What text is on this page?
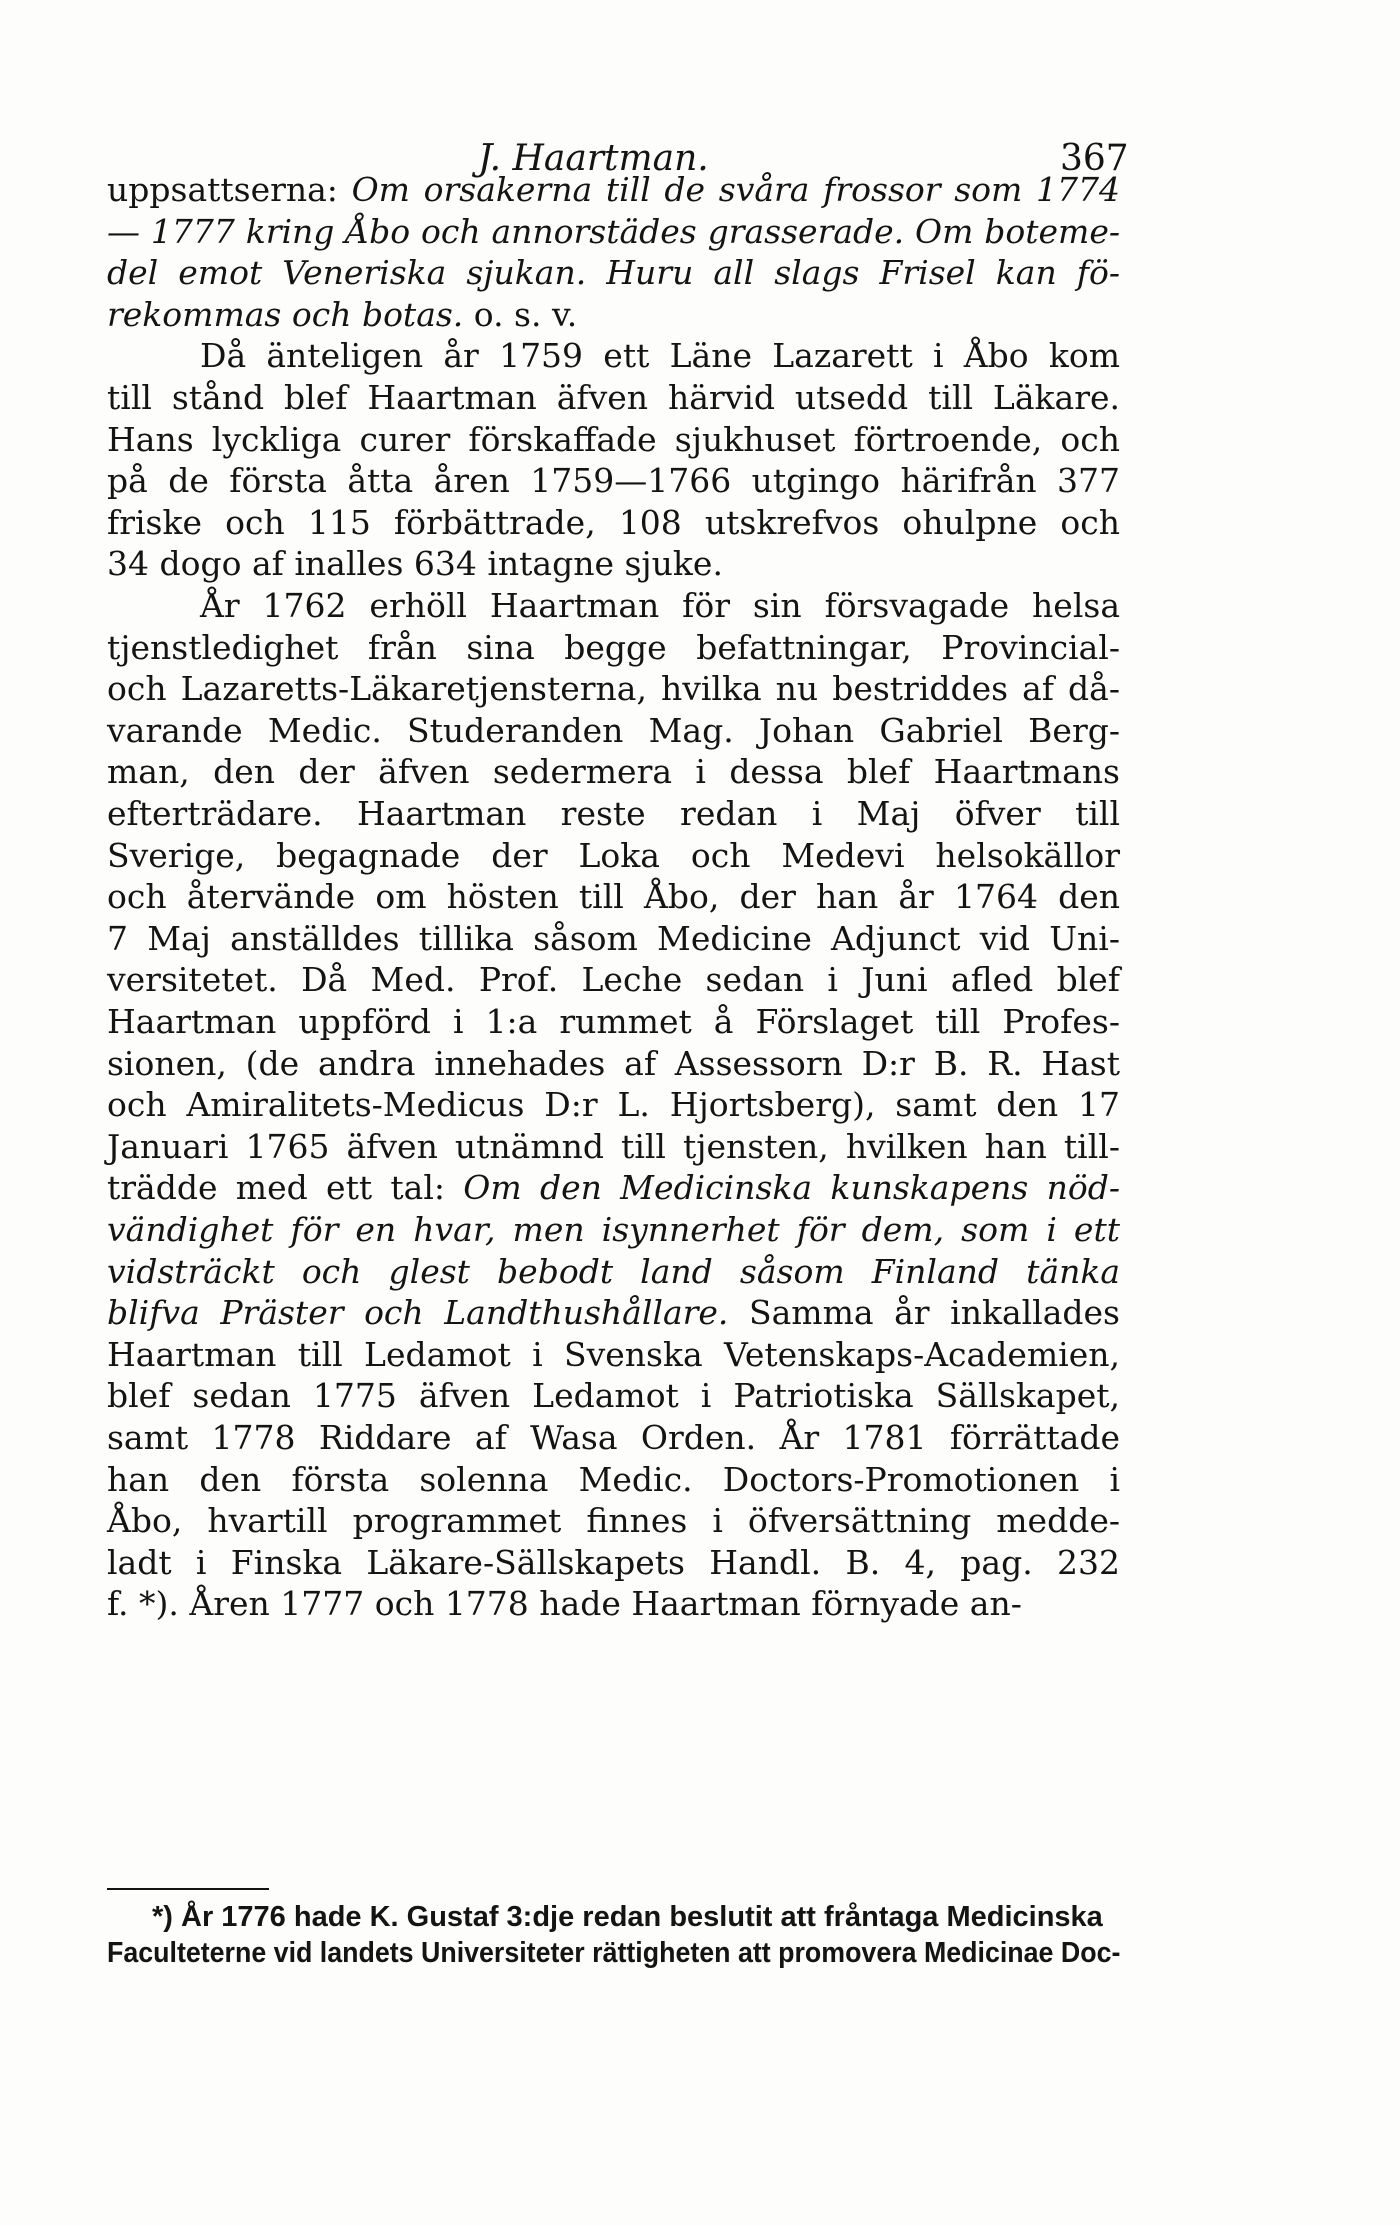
J. Haartman.	367
uppsattserna: Om orsakerna till de svåra frossor som 1774
— 1777 kring Åbo och annorstädes grasserade. Om boteme-
del emot Veneriska sjukan. Huru all slags Frisel kan fö-
rekommas och botas. o. s. v.
Då änteligen år 1759 ett Läne Lazarett i Åbo kom
till stånd blef Haartman äfven härvid utsedd till Läkare.
Hans lyckliga curer förskaffade sjukhuset förtroende, och
på de första åtta åren 1759—1766 utgingo härifrån 377
friske och 115 förbättrade, 108 utskrefvos ohulpne och
34 dogo af inalles 634 intagne sjuke.
År 1762 erhöll Haartman för sin försvagade helsa
tjenstledighet från sina begge befattningar, Provincial-
och Lazaretts-Läkaretjensterna, hvilka nu bestriddes af då-
varande Medic. Studeranden Mag. Johan Gabriel Berg-
man, den der äfven sedermera i dessa blef Haartmans
efterträdare. Haartman reste redan i Maj öfver till
Sverige, begagnade der Loka och Medevi helsokällor
och återvände om hösten till Åbo, der han år 1764 den
7 Maj anställdes tillika såsom Medicine Adjunct vid Uni-
versitetet. Då Med. Prof. Leche sedan i Juni afled blef
Haartman uppförd i 1:a rummet å Förslaget till Profes-
sionen, (de andra innehades af Assessorn D:r B. R. Hast
och Amiralitets-Medicus D:r L. Hjortsberg), samt den 17
Januari 1765 äfven utnämnd till tjensten, hvilken han till-
trädde med ett tal: Om den Medicinska kunskapens nöd-
vändighet för en hvar, men isynnerhet för dem, som i ett
vidsträckt och glest bebodt land såsom Finland tänka
blifva Präster och Landthushållare. Samma år inkallades
Haartman till Ledamot i Svenska Vetenskaps-Academien,
blef sedan 1775 äfven Ledamot i Patriotiska Sällskapet,
samt 1778 Riddare af Wasa Orden. År 1781 förrättade
han den första solenna Medic. Doctors-Promotionen i
Åbo, hvartill programmet finnes i öfversättning medde-
ladt i Finska Läkare-Sällskapets Handl. B. 4, pag. 232
f. *). Åren 1777 och 1778 hade Haartman förnyade an-
*) År 1776 hade K. Gustaf 3:dje redan beslutit att fråntaga Medicinska
Faculteterne vid landets Universiteter rättigheten att promovera Medicinae Doc-
